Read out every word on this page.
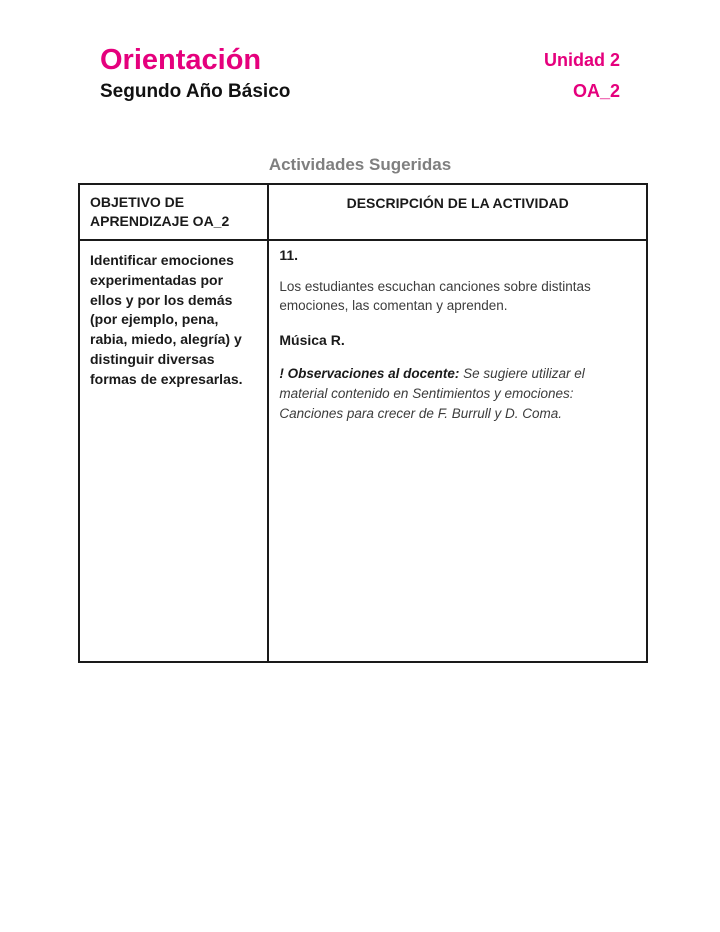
Orientación
Segundo Año Básico
Unidad 2
OA_2
Actividades Sugeridas
OBJETIVO DE APRENDIZAJE OA_2
DESCRIPCIÓN DE LA ACTIVIDAD
Identificar emociones experimentadas por ellos y por los demás (por ejemplo, pena, rabia, miedo, alegría) y distinguir diversas formas de expresarlas.
11.
Los estudiantes escuchan canciones sobre distintas emociones, las comentan y aprenden.
Música R.
! Observaciones al docente: Se sugiere utilizar el material contenido en Sentimientos y emociones: Canciones para crecer de F. Burrull y D. Coma.
